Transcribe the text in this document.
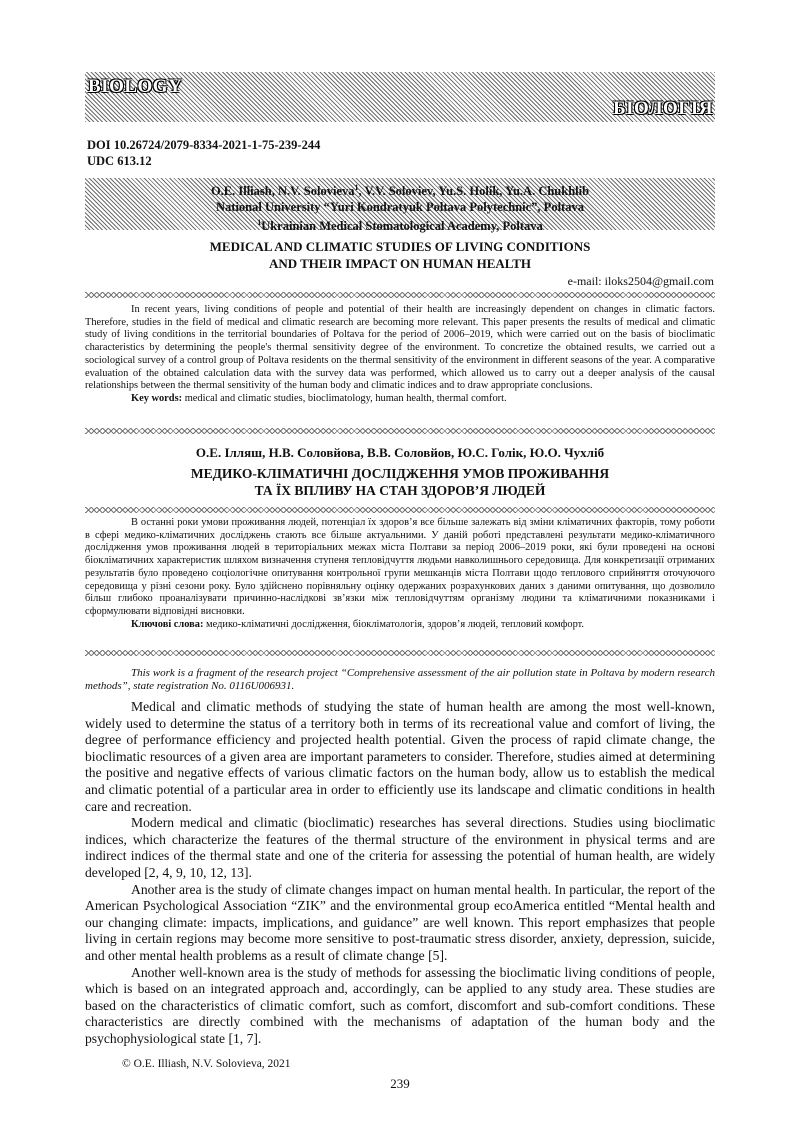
BIOLOGY
БІОЛОГІЯ
DOI 10.26724/2079-8334-2021-1-75-239-244
UDC 613.12
O.E. Illiash, N.V. Solovieva$^1$, V.V. Soloviev, Yu.S. Holik, Yu.A. Chukhlib
National University “Yuri Kondratyuk Poltava Polytechnic”, Poltava
$^1$Ukrainian Medical Stomatological Academy, Poltava
MEDICAL AND CLIMATIC STUDIES OF LIVING CONDITIONS
AND THEIR IMPACT ON HUMAN HEALTH
e-mail: iloks2504@gmail.com

In recent years, living conditions of people and potential of their health are increasingly dependent on changes in climatic factors. Therefore, studies in the field of medical and climatic research are becoming more relevant. This paper presents the results of medical and climatic study of living conditions in the territorial boundaries of Poltava for the period of 2006–2019, which were carried out on the basis of bioclimatic characteristics by determining the people's thermal sensitivity degree of the environment. To concretize the obtained results, we carried out a sociological survey of a control group of Poltava residents on the thermal sensitivity of the environment in different seasons of the year. A comparative evaluation of the obtained calculation data with the survey data was performed, which allowed us to carry out a deeper analysis of the causal relationships between the thermal sensitivity of the human body and climatic indices and to draw appropriate conclusions.

Key words: medical and climatic studies, bioclimatology, human health, thermal comfort.

О.Е. Ілляш, Н.В. Соловйова, В.В. Соловйов, Ю.С. Голік, Ю.О. Чухліб
МЕДИКО-КЛІМАТИЧНІ ДОСЛІДЖЕННЯ УМОВ ПРОЖИВАННЯ
ТА ЇХ ВПЛИВУ НА СТАН ЗДОРОВ’Я ЛЮДЕЙ

В останні роки умови проживання людей, потенціал їх здоров’я все більше залежать від зміни кліматичних факторів, тому роботи в сфері медико-кліматичних досліджень стають все більше актуальними. У даній роботі представлені результати медико-кліматичного дослідження умов проживання людей в територіальних межах міста Полтави за період 2006–2019 роки, які були проведені на основі біокліматичних характеристик шляхом визначення ступеня тепловідчуття людьми навколишнього середовища. Для конкретизації отриманих результатів було проведено соціологічне опитування контрольної групи мешканців міста Полтави щодо теплового сприйняття оточуючого середовища у різні сезони року. Було здійснено порівняльну оцінку одержаних розрахункових даних з даними опитування, що дозволило більш глибоко проаналізувати причинно-наслідкові зв’язки між тепловідчуттям організму людини та кліматичними показниками і сформулювати відповідні висновки.

Ключові слова: медико-кліматичні дослідження, біокліматологія, здоров’я людей, тепловий комфорт.

This work is a fragment of the research project “Comprehensive assessment of the air pollution state in Poltava by modern research methods”, state registration No. 0116U006931.

Medical and climatic methods of studying the state of human health are among the most well-known, widely used to determine the status of a territory both in terms of its recreational value and comfort of living, the degree of performance efficiency and projected health potential. Given the process of rapid climate change, the bioclimatic resources of a given area are important parameters to consider. Therefore, studies aimed at determining the positive and negative effects of various climatic factors on the human body, allow us to establish the medical and climatic potential of a particular area in order to efficiently use its landscape and climatic conditions in health care and recreation.

Modern medical and climatic (bioclimatic) researches has several directions. Studies using bioclimatic indices, which characterize the features of the thermal structure of the environment in physical terms and are indirect indices of the thermal state and one of the criteria for assessing the potential of human health, are widely developed [2, 4, 9, 10, 12, 13].

Another area is the study of climate changes impact on human mental health. In particular, the report of the American Psychological Association “ZIK” and the environmental group ecoAmerica entitled “Mental health and our changing climate: impacts, implications, and guidance” are well known. This report emphasizes that people living in certain regions may become more sensitive to post-traumatic stress disorder, anxiety, depression, suicide, and other mental health problems as a result of climate change [5].

Another well-known area is the study of methods for assessing the bioclimatic living conditions of people, which is based on an integrated approach and, accordingly, can be applied to any study area. These studies are based on the characteristics of climatic comfort, such as comfort, discomfort and sub-comfort conditions. These characteristics are directly combined with the mechanisms of adaptation of the human body and the psychophysiological state [1, 7].

© O.E. Illiash, N.V. Solovieva, 2021
239
